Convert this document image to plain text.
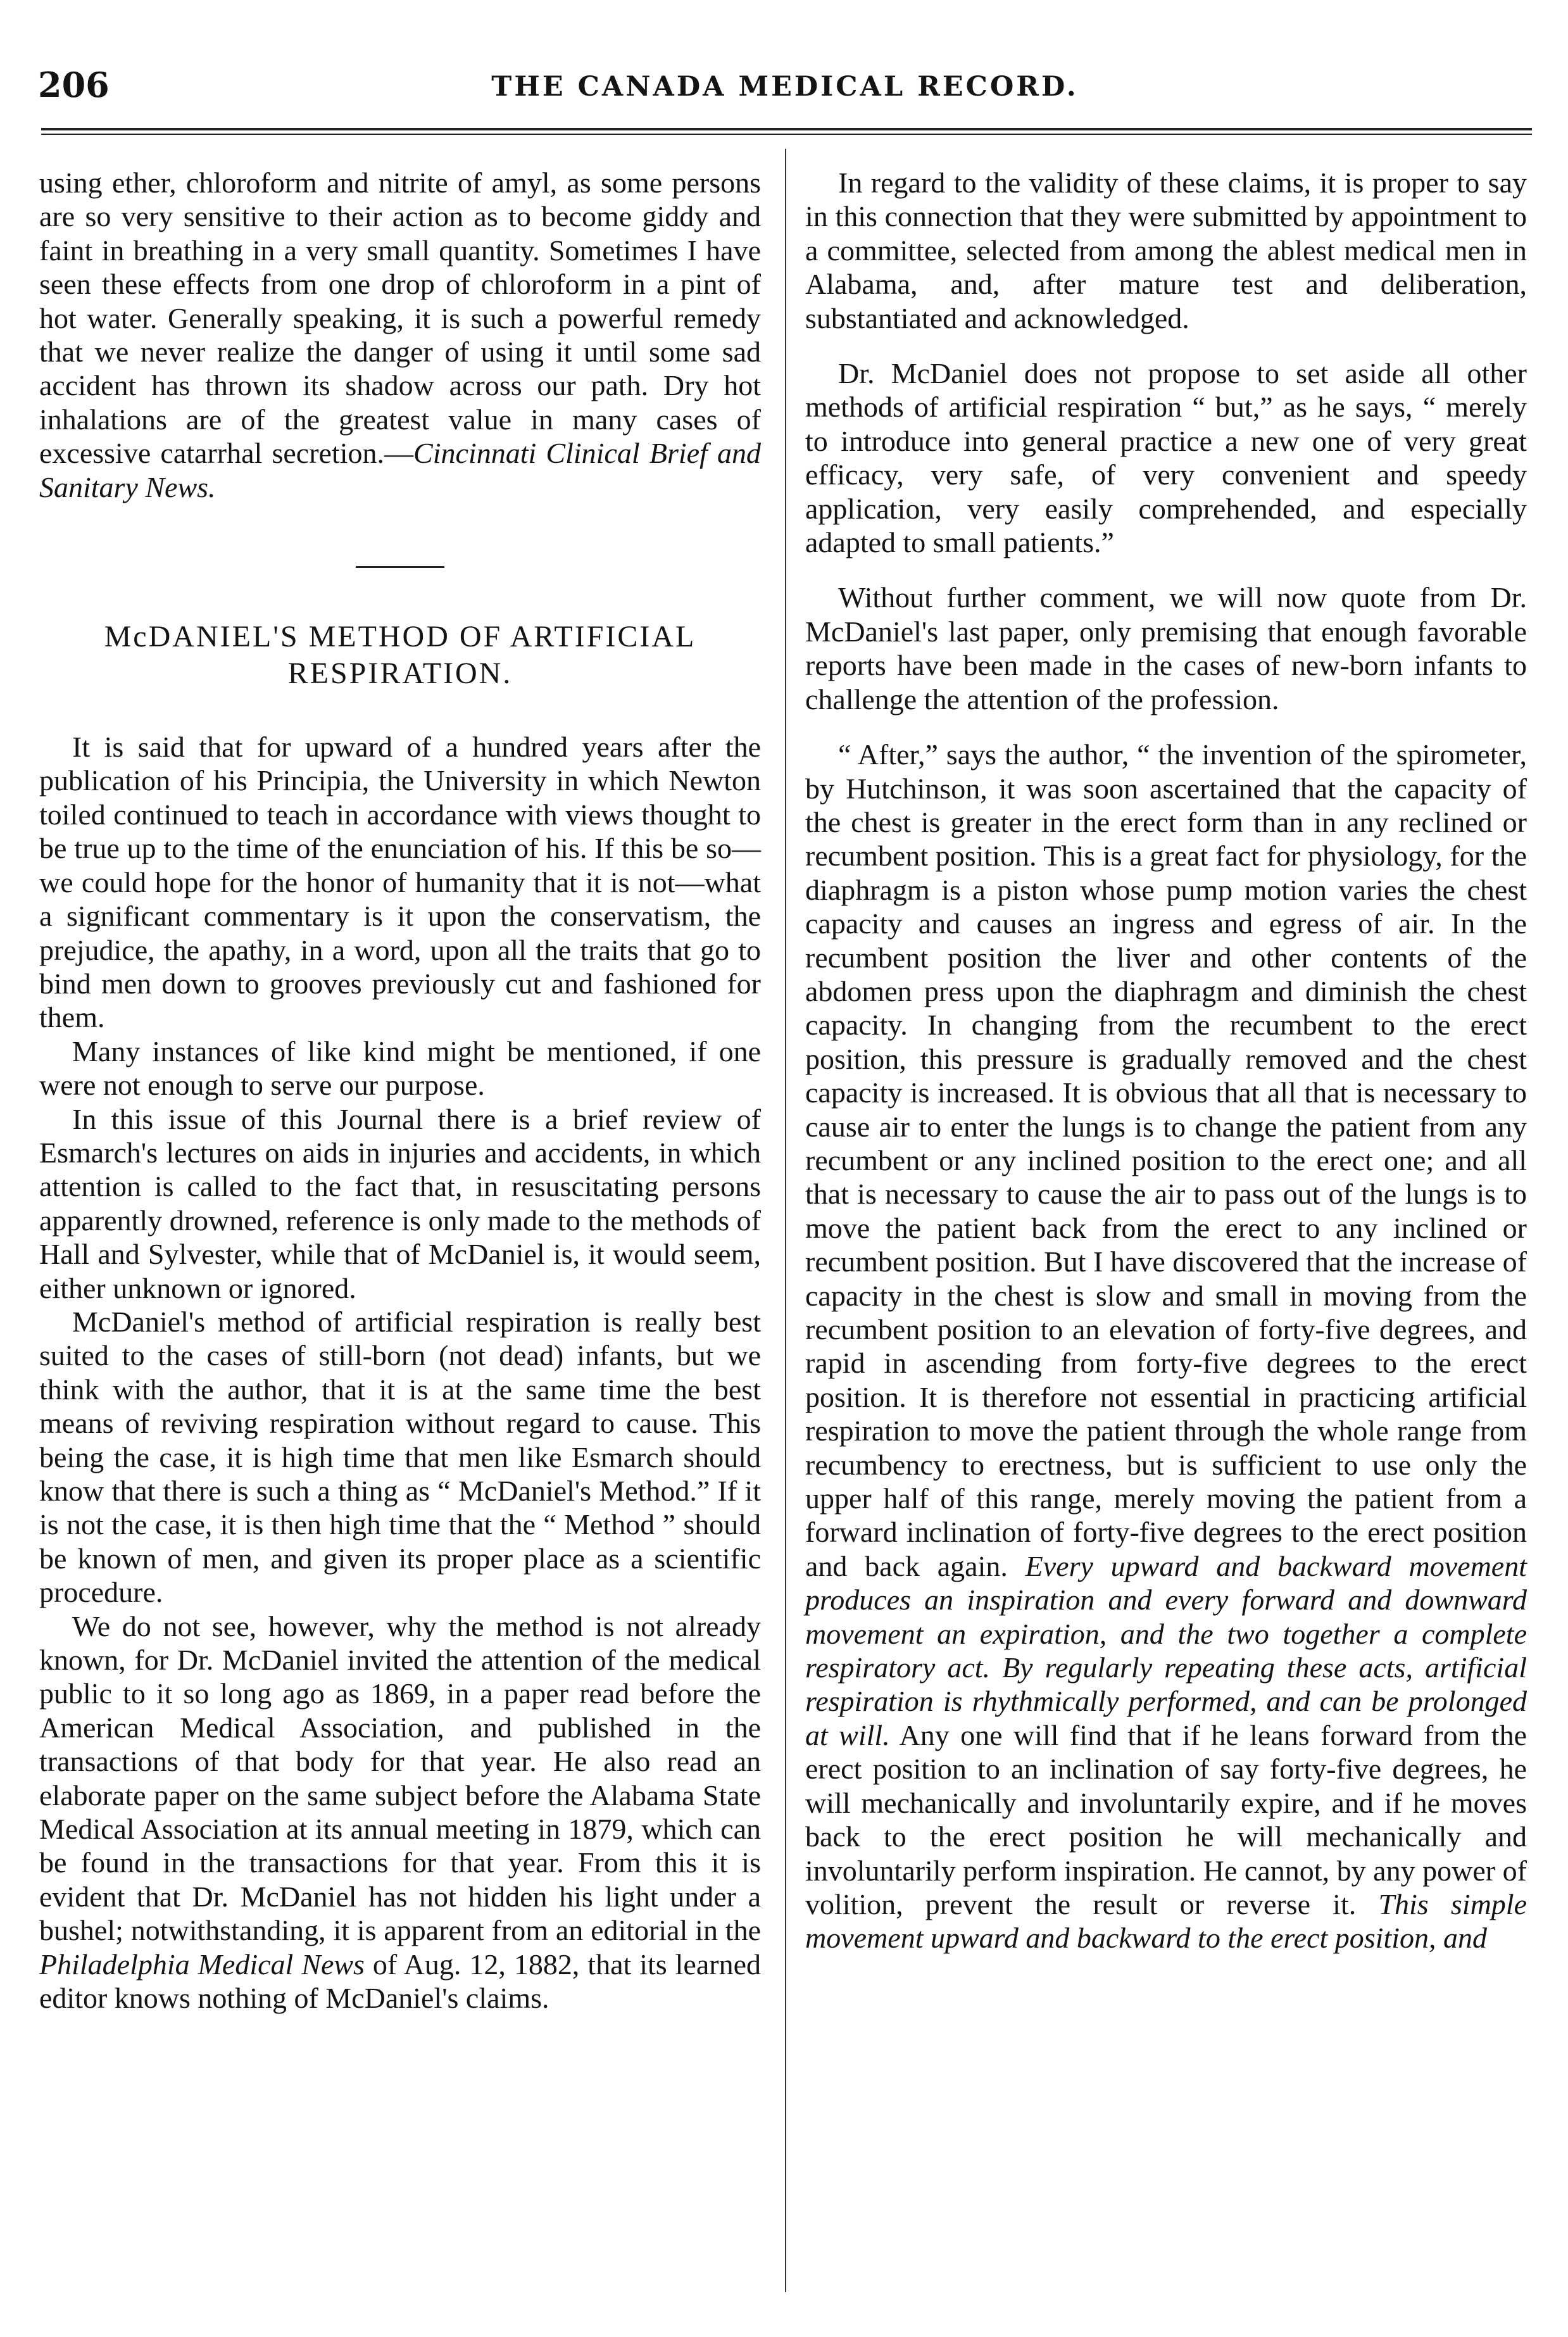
206	THE CANADA MEDICAL RECORD.

using ether, chloroform and nitrite of amyl, as some persons are so very sensitive to their action as to become giddy and faint in breathing in a very small quantity. Sometimes I have seen these effects from one drop of chloroform in a pint of hot water. Generally speaking, it is such a powerful remedy that we never realize the danger of using it until some sad accident has thrown its shadow across our path. Dry hot inhalations are of the greatest value in many cases of excessive catarrhal secretion.—Cincinnati Clinical Brief and Sanitary News.

McDANIEL'S METHOD OF ARTIFICIAL RESPIRATION.

It is said that for upward of a hundred years after the publication of his Principia, the University in which Newton toiled continued to teach in accordance with views thought to be true up to the time of the enunciation of his. If this be so—we could hope for the honor of humanity that it is not—what a significant commentary is it upon the conservatism, the prejudice, the apathy, in a word, upon all the traits that go to bind men down to grooves previously cut and fashioned for them.

Many instances of like kind might be mentioned, if one were not enough to serve our purpose.

In this issue of this Journal there is a brief review of Esmarch's lectures on aids in injuries and accidents, in which attention is called to the fact that, in resuscitating persons apparently drowned, reference is only made to the methods of Hall and Sylvester, while that of McDaniel is, it would seem, either unknown or ignored.

McDaniel's method of artificial respiration is really best suited to the cases of still-born (not dead) infants, but we think with the author, that it is at the same time the best means of reviving respiration without regard to cause. This being the case, it is high time that men like Esmarch should know that there is such a thing as “ McDaniel's Method.” If it is not the case, it is then high time that the “ Method ” should be known of men, and given its proper place as a scientific procedure.

We do not see, however, why the method is not already known, for Dr. McDaniel invited the attention of the medical public to it so long ago as 1869, in a paper read before the American Medical Association, and published in the transactions of that body for that year. He also read an elaborate paper on the same subject before the Alabama State Medical Association at its annual meeting in 1879, which can be found in the transactions for that year. From this it is evident that Dr. McDaniel has not hidden his light under a bushel; notwithstanding, it is apparent from an editorial in the Philadelphia Medical News of Aug. 12, 1882, that its learned editor knows nothing of McDaniel's claims.

In regard to the validity of these claims, it is proper to say in this connection that they were submitted by appointment to a committee, selected from among the ablest medical men in Alabama, and, after mature test and deliberation, substantiated and acknowledged.

Dr. McDaniel does not propose to set aside all other methods of artificial respiration “ but,” as he says, “ merely to introduce into general practice a new one of very great efficacy, very safe, of very convenient and speedy application, very easily comprehended, and especially adapted to small patients.”

Without further comment, we will now quote from Dr. McDaniel's last paper, only premising that enough favorable reports have been made in the cases of new-born infants to challenge the attention of the profession.

“ After,” says the author, “ the invention of the spirometer, by Hutchinson, it was soon ascertained that the capacity of the chest is greater in the erect form than in any reclined or recumbent position. This is a great fact for physiology, for the diaphragm is a piston whose pump motion varies the chest capacity and causes an ingress and egress of air. In the recumbent position the liver and other contents of the abdomen press upon the diaphragm and diminish the chest capacity. In changing from the recumbent to the erect position, this pressure is gradually removed and the chest capacity is increased. It is obvious that all that is necessary to cause air to enter the lungs is to change the patient from any recumbent or any inclined position to the erect one; and all that is necessary to cause the air to pass out of the lungs is to move the patient back from the erect to any inclined or recumbent position. But I have discovered that the increase of capacity in the chest is slow and small in moving from the recumbent position to an elevation of forty-five degrees, and rapid in ascending from forty-five degrees to the erect position. It is therefore not essential in practicing artificial respiration to move the patient through the whole range from recumbency to erectness, but is sufficient to use only the upper half of this range, merely moving the patient from a forward inclination of forty-five degrees to the erect position and back again. Every upward and backward movement produces an inspiration and every forward and downward movement an expiration, and the two together a complete respiratory act. By regularly repeating these acts, artificial respiration is rhythmically performed, and can be prolonged at will. Any one will find that if he leans forward from the erect position to an inclination of say forty-five degrees, he will mechanically and involuntarily expire, and if he moves back to the erect position he will mechanically and involuntarily perform inspiration. He cannot, by any power of volition, prevent the result or reverse it. This simple movement upward and backward to the erect position, and
